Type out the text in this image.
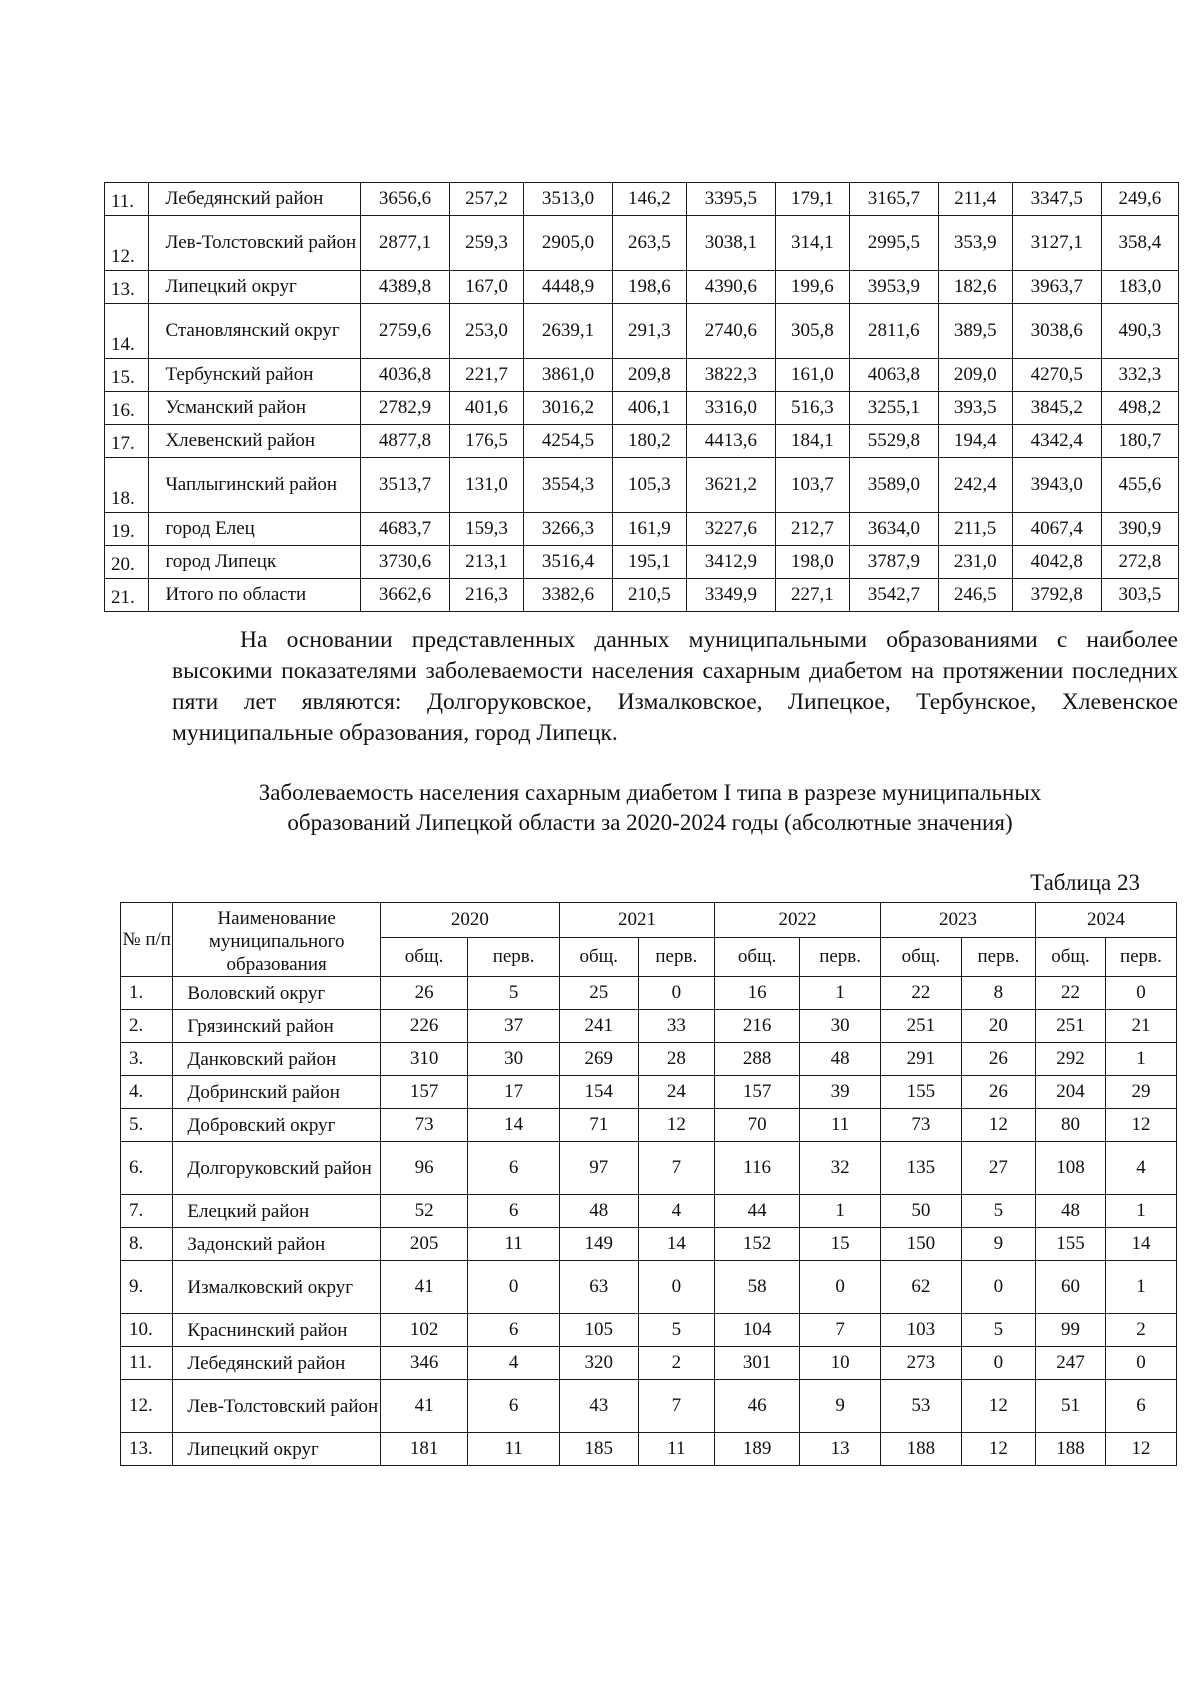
11.	Лебедянский район	3656,6	257,2	3513,0	146,2	3395,5	179,1	3165,7	211,4	3347,5	249,6
12.	Лев-Толстовский район	2877,1	259,3	2905,0	263,5	3038,1	314,1	2995,5	353,9	3127,1	358,4
13.	Липецкий округ	4389,8	167,0	4448,9	198,6	4390,6	199,6	3953,9	182,6	3963,7	183,0
14.	Становлянский округ	2759,6	253,0	2639,1	291,3	2740,6	305,8	2811,6	389,5	3038,6	490,3
15.	Тербунский район	4036,8	221,7	3861,0	209,8	3822,3	161,0	4063,8	209,0	4270,5	332,3
16.	Усманский район	2782,9	401,6	3016,2	406,1	3316,0	516,3	3255,1	393,5	3845,2	498,2
17.	Хлевенский район	4877,8	176,5	4254,5	180,2	4413,6	184,1	5529,8	194,4	4342,4	180,7
18.	Чаплыгинский район	3513,7	131,0	3554,3	105,3	3621,2	103,7	3589,0	242,4	3943,0	455,6
19.	город Елец	4683,7	159,3	3266,3	161,9	3227,6	212,7	3634,0	211,5	4067,4	390,9
20.	город Липецк	3730,6	213,1	3516,4	195,1	3412,9	198,0	3787,9	231,0	4042,8	272,8
21.	Итого по области	3662,6	216,3	3382,6	210,5	3349,9	227,1	3542,7	246,5	3792,8	303,5
На основании представленных данных муниципальными образованиями с наиболее высокими показателями заболеваемости населения сахарным диабетом на протяжении последних пяти лет являются: Долгоруковское, Измалковское, Липецкое, Тербунское, Хлевенское муниципальные образования, город Липецк.
Заболеваемость населения сахарным диабетом I типа в разрезе муниципальных
образований Липецкой области за 2020-2024 годы (абсолютные значения)
Таблица 23
№ п/п	Наименование муниципального образования	2020		2021		2022		2023		2024	
		общ.	перв.	общ.	перв.	общ.	перв.	общ.	перв.	общ.	перв.
1.	Воловский округ	26	5	25	0	16	1	22	8	22	0
2.	Грязинский район	226	37	241	33	216	30	251	20	251	21
3.	Данковский район	310	30	269	28	288	48	291	26	292	1
4.	Добринский район	157	17	154	24	157	39	155	26	204	29
5.	Добровский округ	73	14	71	12	70	11	73	12	80	12
6.	Долгоруковский район	96	6	97	7	116	32	135	27	108	4
7.	Елецкий район	52	6	48	4	44	1	50	5	48	1
8.	Задонский район	205	11	149	14	152	15	150	9	155	14
9.	Измалковский округ	41	0	63	0	58	0	62	0	60	1
10.	Краснинский район	102	6	105	5	104	7	103	5	99	2
11.	Лебедянский район	346	4	320	2	301	10	273	0	247	0
12.	Лев-Толстовский район	41	6	43	7	46	9	53	12	51	6
13.	Липецкий округ	181	11	185	11	189	13	188	12	188	12
